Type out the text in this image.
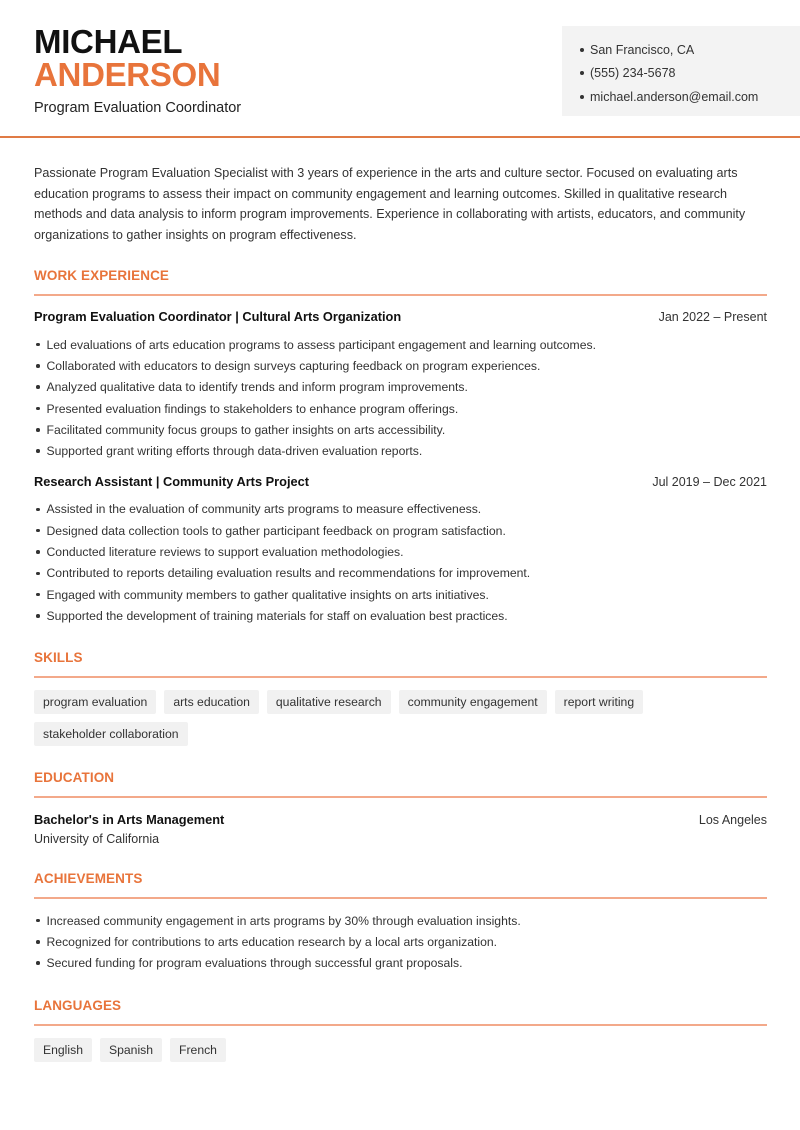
MICHAEL
ANDERSON
Program Evaluation Coordinator
San Francisco, CA
(555) 234-5678
michael.anderson@email.com

Passionate Program Evaluation Specialist with 3 years of experience in the arts and culture sector. Focused on evaluating arts education programs to assess their impact on community engagement and learning outcomes. Skilled in qualitative research methods and data analysis to inform program improvements. Experience in collaborating with artists, educators, and community organizations to gather insights on program effectiveness.

WORK EXPERIENCE
Program Evaluation Coordinator | Cultural Arts Organization	Jan 2022 – Present
Led evaluations of arts education programs to assess participant engagement and learning outcomes.
Collaborated with educators to design surveys capturing feedback on program experiences.
Analyzed qualitative data to identify trends and inform program improvements.
Presented evaluation findings to stakeholders to enhance program offerings.
Facilitated community focus groups to gather insights on arts accessibility.
Supported grant writing efforts through data-driven evaluation reports.
Research Assistant | Community Arts Project	Jul 2019 – Dec 2021
Assisted in the evaluation of community arts programs to measure effectiveness.
Designed data collection tools to gather participant feedback on program satisfaction.
Conducted literature reviews to support evaluation methodologies.
Contributed to reports detailing evaluation results and recommendations for improvement.
Engaged with community members to gather qualitative insights on arts initiatives.
Supported the development of training materials for staff on evaluation best practices.
SKILLS
program evaluation	arts education	qualitative research	community engagement	report writing
stakeholder collaboration
EDUCATION
Bachelor's in Arts Management	Los Angeles
University of California
ACHIEVEMENTS
Increased community engagement in arts programs by 30% through evaluation insights.
Recognized for contributions to arts education research by a local arts organization.
Secured funding for program evaluations through successful grant proposals.
LANGUAGES
English	Spanish	French
